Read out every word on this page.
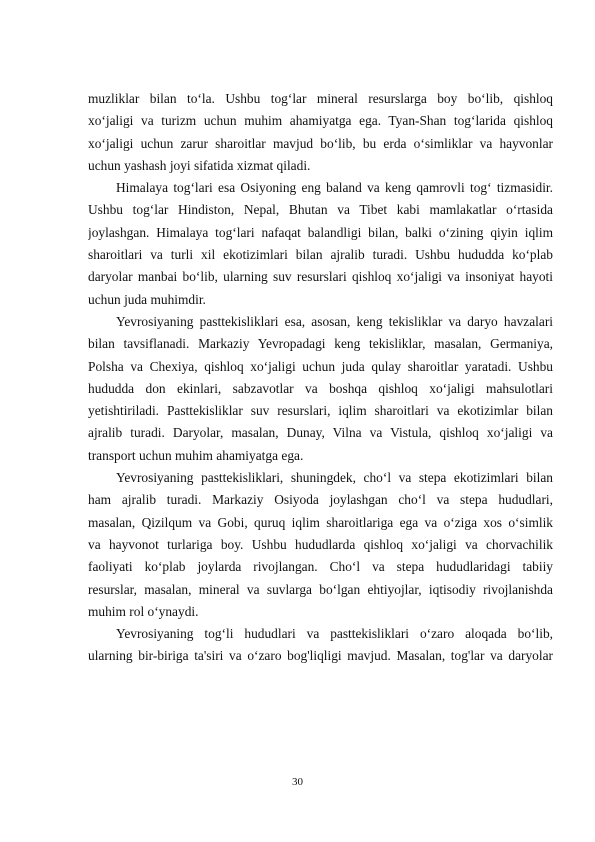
muzliklar bilan to‘la. Ushbu tog‘lar mineral resurslarga boy bo‘lib, qishloq
xo‘jaligi va turizm uchun muhim ahamiyatga ega. Tyan-Shan tog‘larida qishloq
xo‘jaligi uchun zarur sharoitlar mavjud bo‘lib, bu erda o‘simliklar va hayvonlar
uchun yashash joyi sifatida xizmat qiladi.
Himalaya tog‘lari esa Osiyoning eng baland va keng qamrovli tog‘ tizmasidir.
Ushbu tog‘lar Hindiston, Nepal, Bhutan va Tibet kabi mamlakatlar o‘rtasida
joylashgan. Himalaya tog‘lari nafaqat balandligi bilan, balki o‘zining qiyin iqlim
sharoitlari va turli xil ekotizimlari bilan ajralib turadi. Ushbu hududda ko‘plab
daryolar manbai bo‘lib, ularning suv resurslari qishloq xo‘jaligi va insoniyat hayoti
uchun juda muhimdir.
Yevrosiyaning pasttekisliklari esa, asosan, keng tekisliklar va daryo havzalari
bilan tavsiflanadi. Markaziy Yevropadagi keng tekisliklar, masalan, Germaniya,
Polsha va Chexiya, qishloq xo‘jaligi uchun juda qulay sharoitlar yaratadi. Ushbu
hududda don ekinlari, sabzavotlar va boshqa qishloq xo‘jaligi mahsulotlari
yetishtiriladi. Pasttekisliklar suv resurslari, iqlim sharoitlari va ekotizimlar bilan
ajralib turadi. Daryolar, masalan, Dunay, Vilna va Vistula, qishloq xo‘jaligi va
transport uchun muhim ahamiyatga ega.
Yevrosiyaning pasttekisliklari, shuningdek, cho‘l va stepa ekotizimlari bilan
ham ajralib turadi. Markaziy Osiyoda joylashgan cho‘l va stepa hududlari,
masalan, Qizilqum va Gobi, quruq iqlim sharoitlariga ega va o‘ziga xos o‘simlik
va hayvonot turlariga boy. Ushbu hududlarda qishloq xo‘jaligi va chorvachilik
faoliyati ko‘plab joylarda rivojlangan. Cho‘l va stepa hududlaridagi tabiiy
resurslar, masalan, mineral va suvlarga bo‘lgan ehtiyojlar, iqtisodiy rivojlanishda
muhim rol o‘ynaydi.
Yevrosiyaning tog‘li hududlari va pasttekisliklari o‘zaro aloqada bo‘lib,
ularning bir-biriga ta'siri va o‘zaro bog'liqligi mavjud. Masalan, tog'lar va daryolar
30
